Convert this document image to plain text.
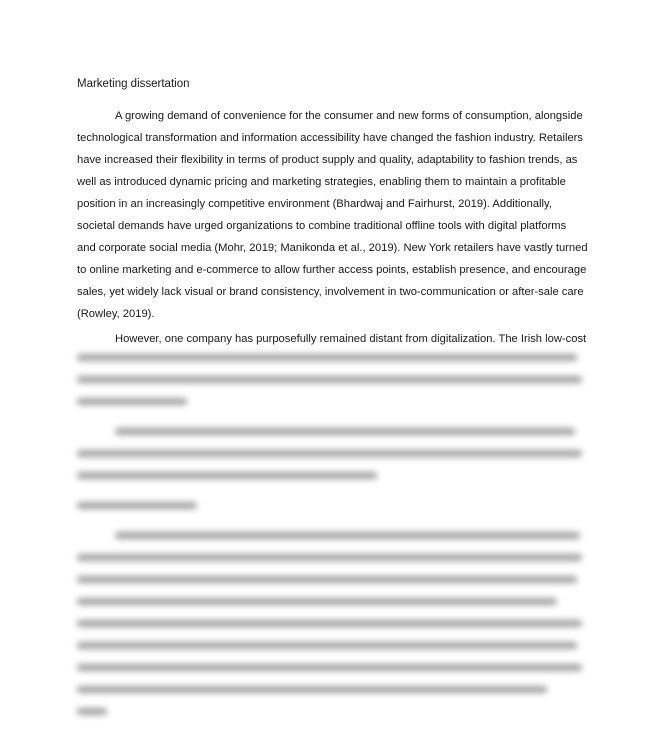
Marketing dissertation
A growing demand of convenience for the consumer and new forms of consumption, alongside
technological transformation and information accessibility have changed the fashion industry. Retailers
have increased their flexibility in terms of product supply and quality, adaptability to fashion trends, as
well as introduced dynamic pricing and marketing strategies, enabling them to maintain a profitable
position in an increasingly competitive environment (Bhardwaj and Fairhurst, 2019). Additionally,
societal demands have urged organizations to combine traditional offline tools with digital platforms
and corporate social media (Mohr, 2019; Manikonda et al., 2019). New York retailers have vastly turned
to online marketing and e-commerce to allow further access points, establish presence, and encourage
sales, yet widely lack visual or brand consistency, involvement in two-communication or after-sale care
(Rowley, 2019).
However, one company has purposefully remained distant from digitalization. The Irish low-cost
